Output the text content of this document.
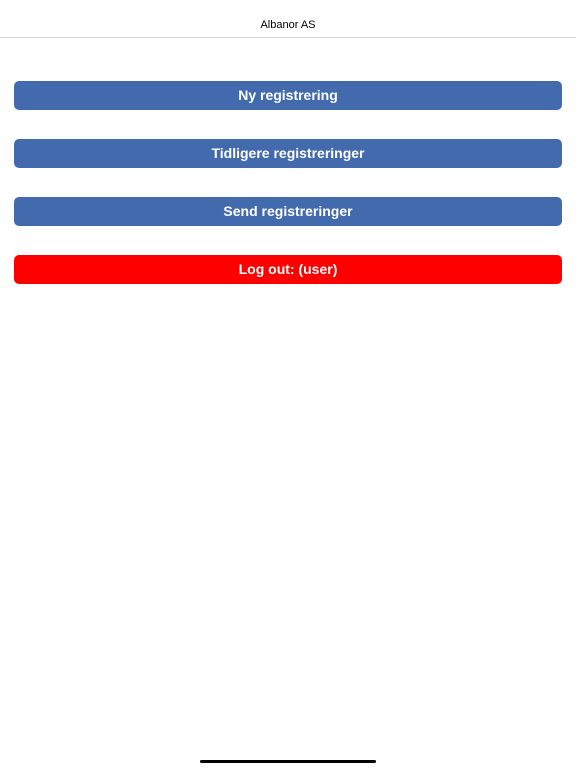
Albanor AS
Ny registrering
Tidligere registreringer
Send registreringer
Log out: (user)
